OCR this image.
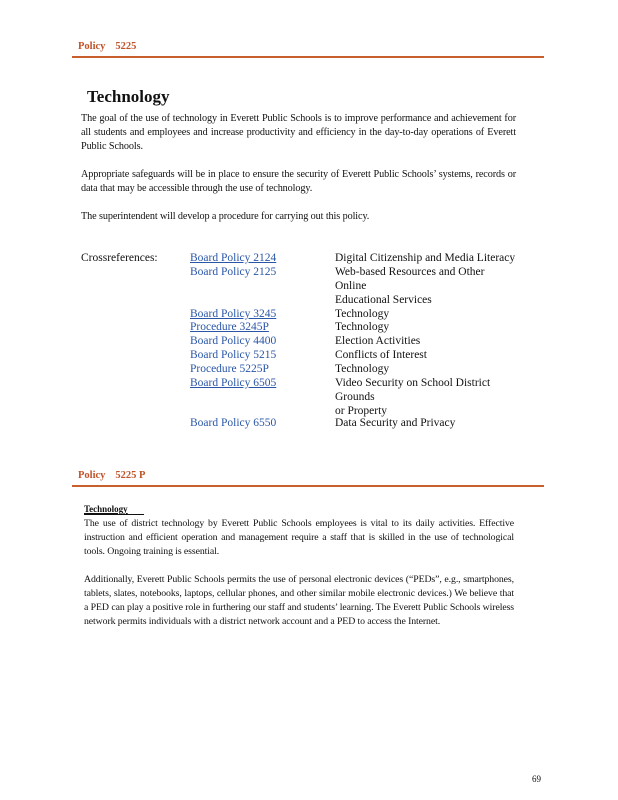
Policy 5225
Technology
The goal of the use of technology in Everett Public Schools is to improve performance and achievement for all students and employees and increase productivity and efficiency in the day-to-day operations of Everett Public Schools.
Appropriate safeguards will be in place to ensure the security of Everett Public Schools’ systems, records or data that may be accessible through the use of technology.
The superintendent will develop a procedure for carrying out this policy.
Crossreferences:	Board Policy 2124	Digital Citizenship and Media Literacy
Board Policy 2125	Web-based Resources and Other
Online
Educational Services
Board Policy 3245	Technology
Procedure 3245P	Technology
Board Policy 4400	Election Activities
Board Policy 5215	Conflicts of Interest
Procedure 5225P	Technology
Board Policy 6505	Video Security on School District
Grounds
or Property
Board Policy 6550	Data Security and Privacy
Policy 5225 P
Technology
The use of district technology by Everett Public Schools employees is vital to its daily activities. Effective instruction and efficient operation and management require a staff that is skilled in the use of technological tools. Ongoing training is essential.
Additionally, Everett Public Schools permits the use of personal electronic devices (“PEDs”, e.g., smartphones, tablets, slates, notebooks, laptops, cellular phones, and other similar mobile electronic devices.) We believe that a PED can play a positive role in furthering our staff and students’ learning. The Everett Public Schools wireless network permits individuals with a district network account and a PED to access the Internet.
69
